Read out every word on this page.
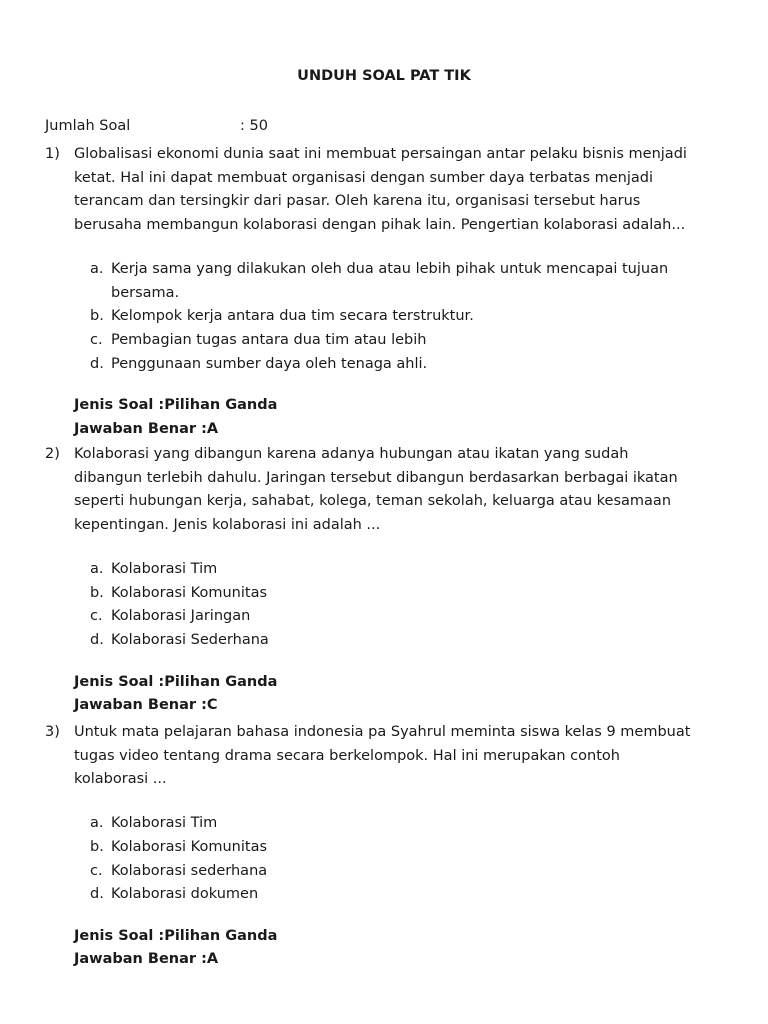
UNDUH SOAL PAT TIK
Jumlah Soal	: 50
1) Globalisasi ekonomi dunia saat ini membuat persaingan antar pelaku bisnis menjadi
ketat. Hal ini dapat membuat organisasi dengan sumber daya terbatas menjadi
terancam dan tersingkir dari pasar. Oleh karena itu, organisasi tersebut harus
berusaha membangun kolaborasi dengan pihak lain. Pengertian kolaborasi adalah...
a. Kerja sama yang dilakukan oleh dua atau lebih pihak untuk mencapai tujuan
bersama.
b. Kelompok kerja antara dua tim secara terstruktur.
c. Pembagian tugas antara dua tim atau lebih
d. Penggunaan sumber daya oleh tenaga ahli.
Jenis Soal :Pilihan Ganda
Jawaban Benar :A
2) Kolaborasi yang dibangun karena adanya hubungan atau ikatan yang sudah
dibangun terlebih dahulu. Jaringan tersebut dibangun berdasarkan berbagai ikatan
seperti hubungan kerja, sahabat, kolega, teman sekolah, keluarga atau kesamaan
kepentingan. Jenis kolaborasi ini adalah ...
a. Kolaborasi Tim
b. Kolaborasi Komunitas
c. Kolaborasi Jaringan
d. Kolaborasi Sederhana
Jenis Soal :Pilihan Ganda
Jawaban Benar :C
3) Untuk mata pelajaran bahasa indonesia pa Syahrul meminta siswa kelas 9 membuat
tugas video tentang drama secara berkelompok. Hal ini merupakan contoh
kolaborasi ...
a. Kolaborasi Tim
b. Kolaborasi Komunitas
c. Kolaborasi sederhana
d. Kolaborasi dokumen
Jenis Soal :Pilihan Ganda
Jawaban Benar :A
